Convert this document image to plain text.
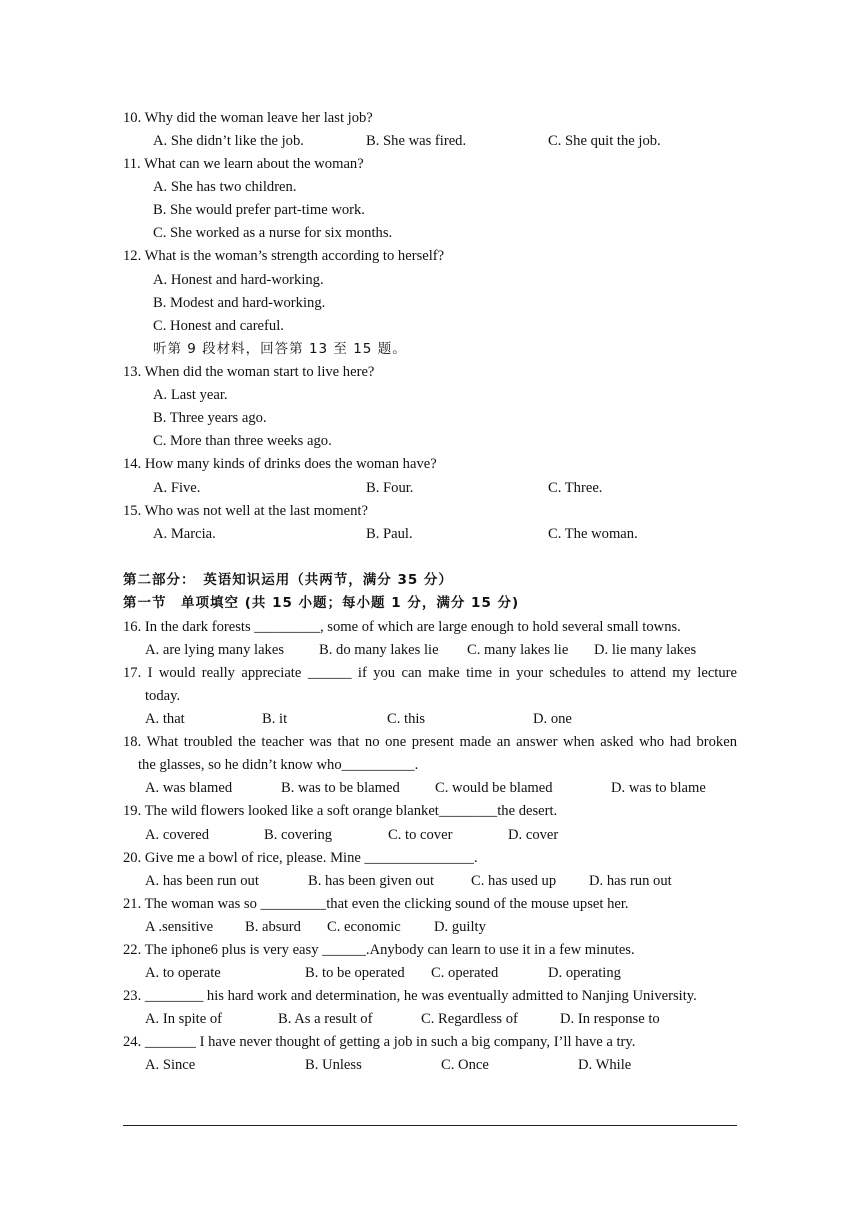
10. Why did the woman leave her last job?
A. She didn’t like the job.	B. She was fired.	C. She quit the job.
11. What can we learn about the woman?
A. She has two children.
B. She would prefer part-time work.
C. She worked as a nurse for six months.
12. What is the woman’s strength according to herself?
A. Honest and hard-working.
B. Modest and hard-working.
C. Honest and careful.
听第 9 段材料，回答第 13 至 15 题。
13. When did the woman start to live here?
A. Last year.
B. Three years ago.
C. More than three weeks ago.
14. How many kinds of drinks does the woman have?
A. Five.	B. Four.	C. Three.
15. Who was not well at the last moment?
A. Marcia.	B. Paul.	C. The woman.
第二部分：　英语知识运用（共两节，满分 35 分）
第一节　单项填空 (共 15 小题；每小题 1 分，满分 15 分)
16. In the dark forests _________, some of which are large enough to hold several small towns.
A. are lying many lakes B. do many lakes lie C. many lakes lie D. lie many lakes
17. I would really appreciate ______ if you can make time in your schedules to attend my lecture
today.
A. that	B. it	C. this	D. one
18. What troubled the teacher was that no one present made an answer when asked who had broken
the glasses, so he didn’t know who__________.
A. was blamed	B. was to be blamed C. would be blamed	D. was to blame
19. The wild flowers looked like a soft orange blanket________the desert.
A. covered	B. covering	C. to cover	D. cover
20. Give me a bowl of rice, please. Mine _______________.
A. has been run out	B. has been given out	C. has used up D. has run out
21. The woman was so _________that even the clicking sound of the mouse upset her.
A .sensitive B. absurd C. economic D. guilty
22. The iphone6 plus is very easy ______.Anybody can learn to use it in a few minutes.
A. to operate	B. to be operated C. operated	D. operating
23. ________ his hard work and determination, he was eventually admitted to Nanjing University.
A. In spite of	B. As a result of	C. Regardless of	D. In response to
24. _______ I have never thought of getting a job in such a big company, I’ll have a try.
A. Since	B. Unless	C. Once	D. While
